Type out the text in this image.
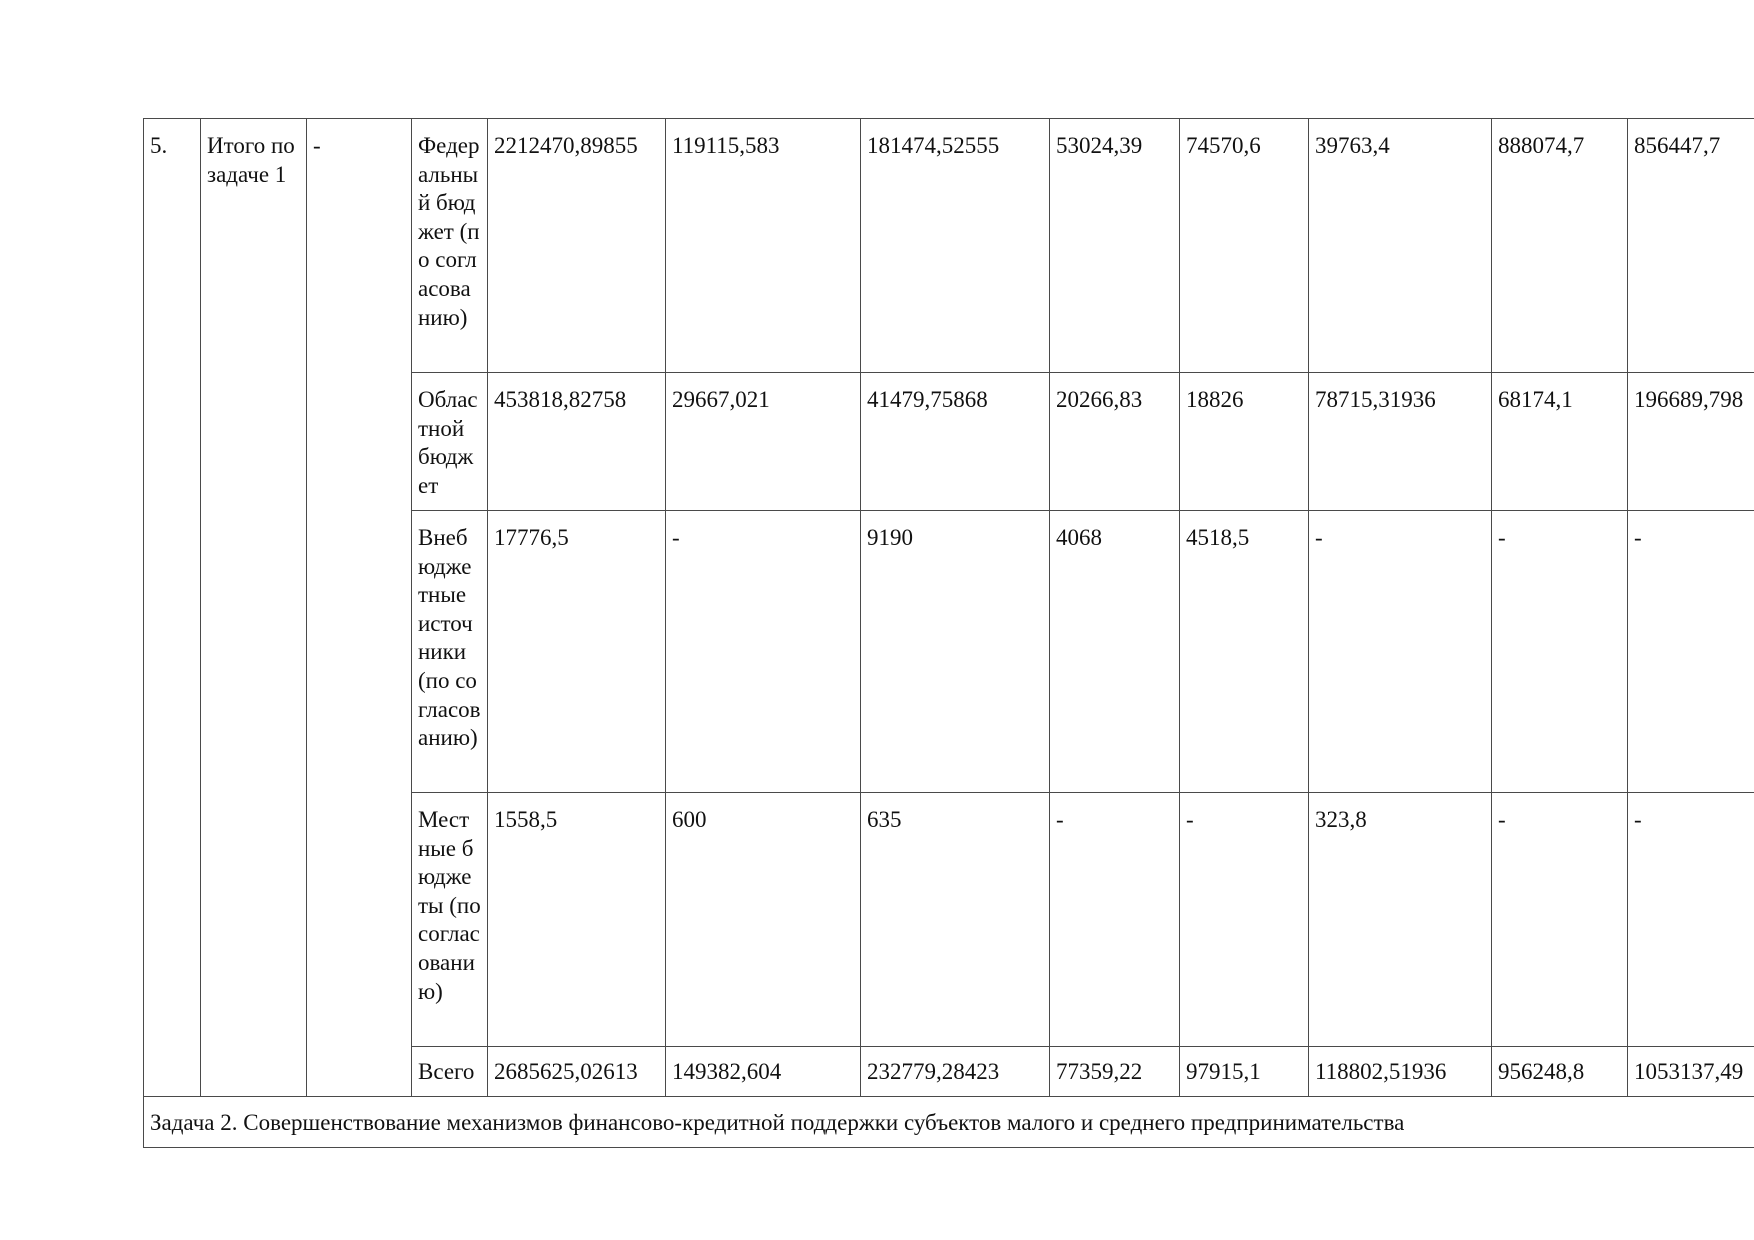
5.	Итого по задаче 1	-	Федеральный бюджет (по согласованию)	2212470,89855	119115,583	181474,52555	53024,39	74570,6	39763,4	888074,7	856447,7
			Областной бюджет	453818,82758	29667,021	41479,75868	20266,83	18826	78715,31936	68174,1	196689,798
			Внебюджетные источники (по согласованию)	17776,5	-	9190	4068	4518,5	-	-	-
			Местные бюджеты (по согласованию)	1558,5	600	635	-	-	323,8	-	-
			Всего	2685625,02613	149382,604	232779,28423	77359,22	97915,1	118802,51936	956248,8	1053137,49
Задача 2. Совершенствование механизмов финансово-кредитной поддержки субъектов малого и среднего предпринимательства											
